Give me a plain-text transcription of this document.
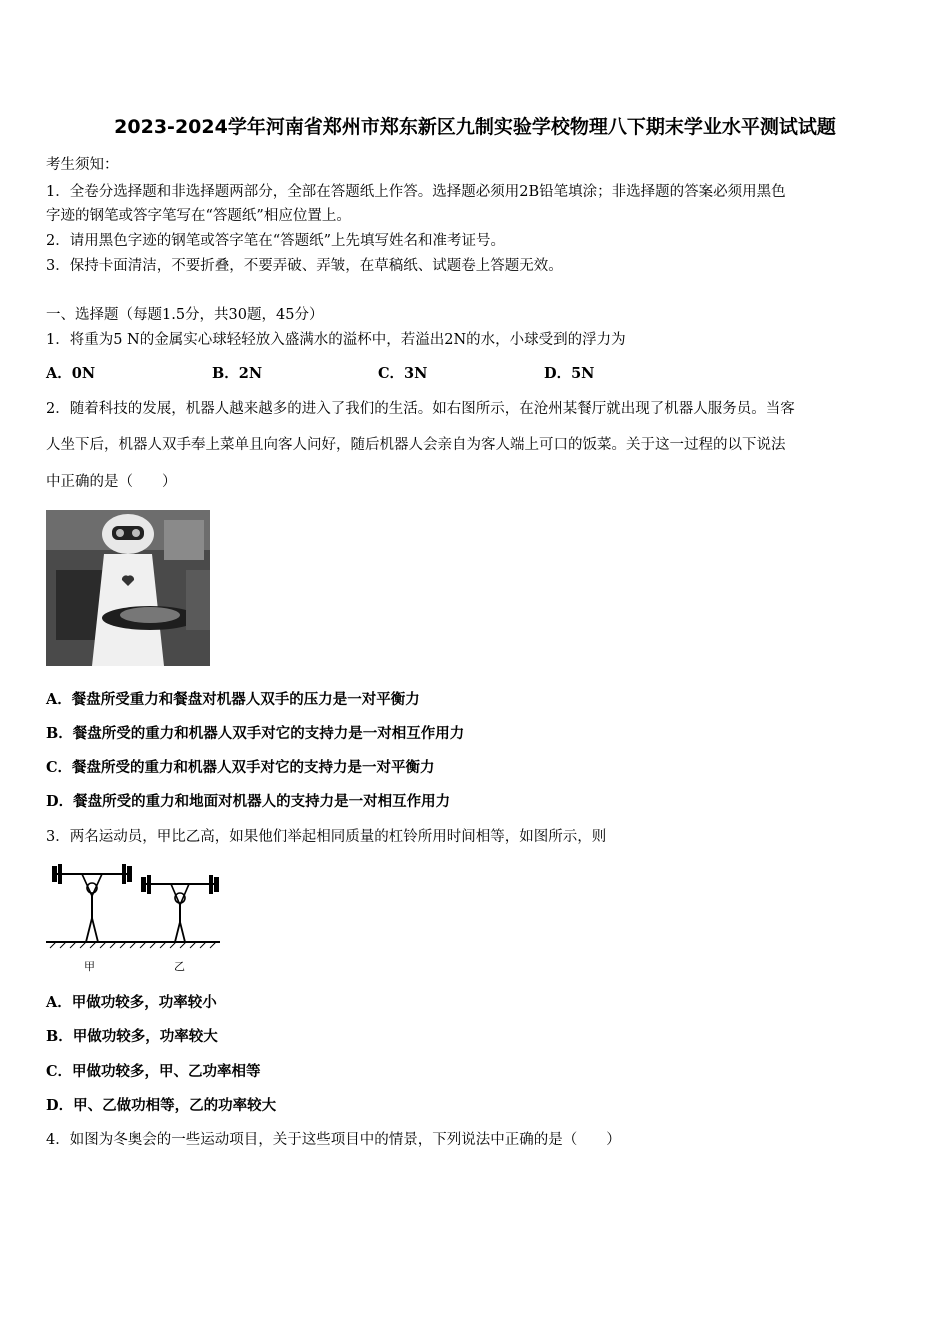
2023-2024学年河南省郑州市郑东新区九制实验学校物理八下期末学业水平测试试题
考生须知：
1．全卷分选择题和非选择题两部分，全部在答题纸上作答。选择题必须用2B铅笔填涂；非选择题的答案必须用黑色
字迹的钢笔或答字笔写在“答题纸”相应位置上。
2．请用黑色字迹的钢笔或答字笔在“答题纸”上先填写姓名和准考证号。
3．保持卡面清洁，不要折叠，不要弄破、弄皱，在草稿纸、试题卷上答题无效。
一、选择题（每题1.5分，共30题，45分）
1．将重为5 N的金属实心球轻轻放入盛满水的溢杯中，若溢出2N的水，小球受到的浮力为
A．0N	B．2N	C．3N	D．5N
2．随着科技的发展，机器人越来越多的进入了我们的生活。如右图所示，在沧州某餐厅就出现了机器人服务员。当客
人坐下后，机器人双手奉上菜单且向客人问好，随后机器人会亲自为客人端上可口的饭菜。关于这一过程的以下说法
中正确的是（　　）
A．餐盘所受重力和餐盘对机器人双手的压力是一对平衡力
B．餐盘所受的重力和机器人双手对它的支持力是一对相互作用力
C．餐盘所受的重力和机器人双手对它的支持力是一对平衡力
D．餐盘所受的重力和地面对机器人的支持力是一对相互作用力
3．两名运动员，甲比乙高，如果他们举起相同质量的杠铃所用时间相等，如图所示，则
甲	乙
A．甲做功较多，功率较小
B．甲做功较多，功率较大
C．甲做功较多，甲、乙功率相等
D．甲、乙做功相等，乙的功率较大
4．如图为冬奥会的一些运动项目，关于这些项目中的情景，下列说法中正确的是（　　）
